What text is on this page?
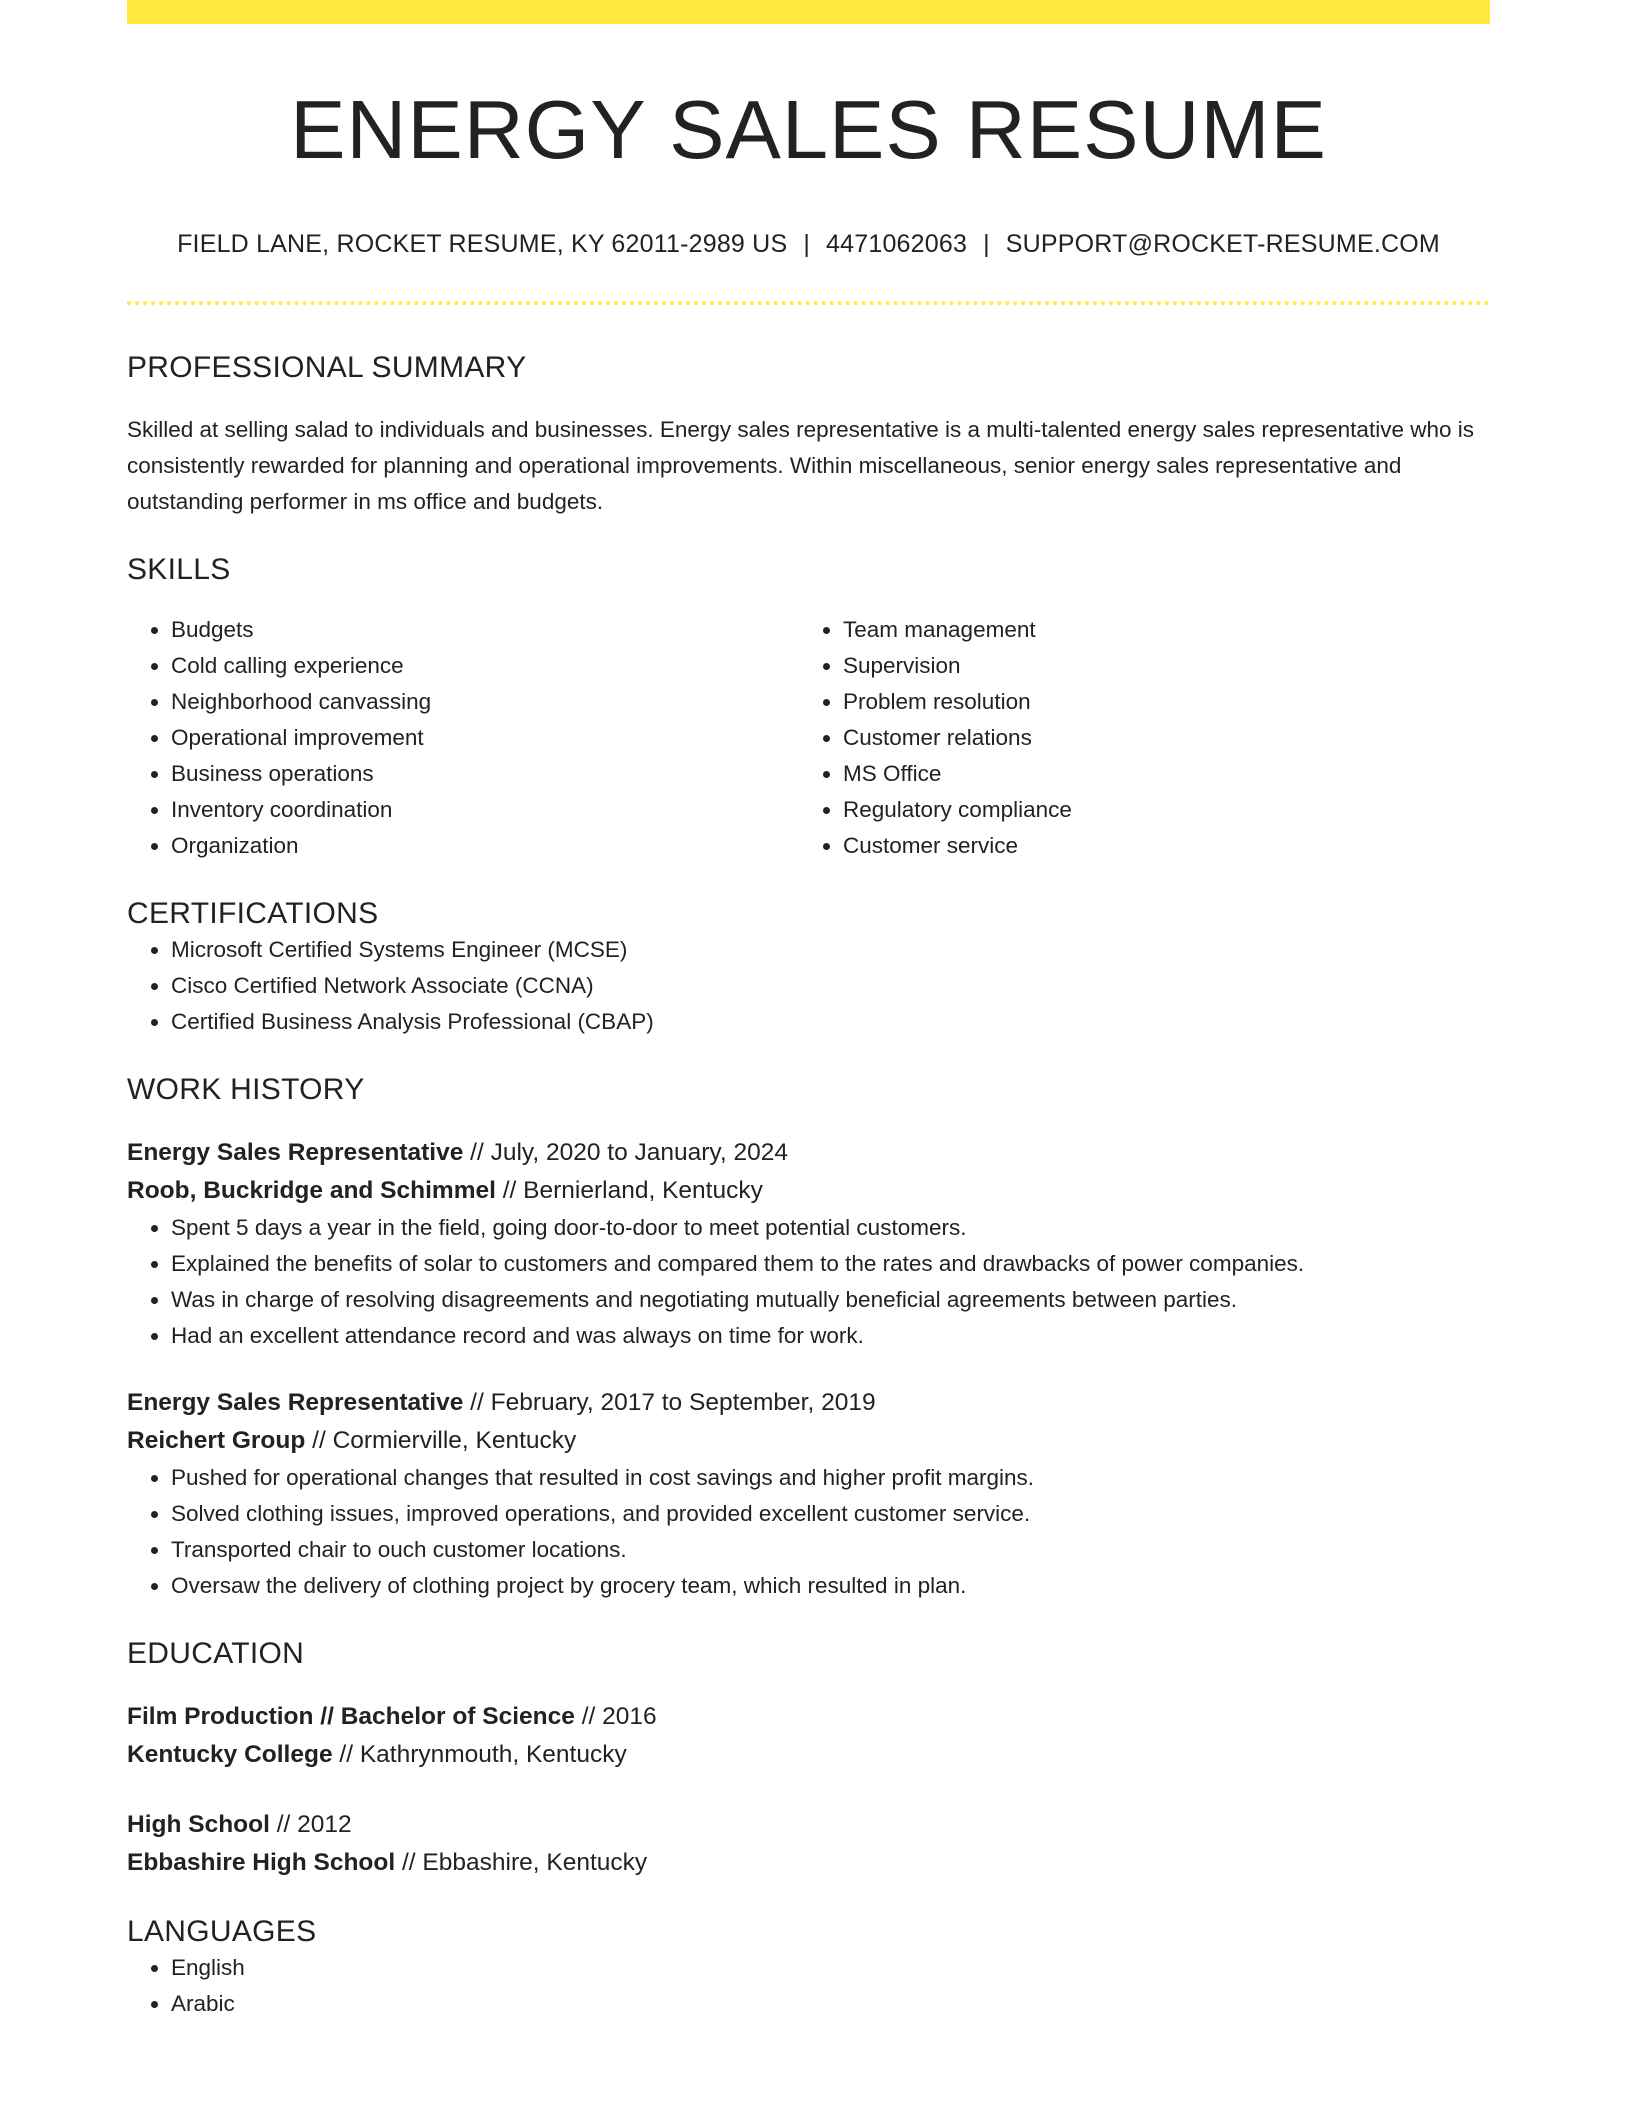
ENERGY SALES RESUME
FIELD LANE, ROCKET RESUME, KY 62011-2989 US | 4471062063 | SUPPORT@ROCKET-RESUME.COM
PROFESSIONAL SUMMARY
Skilled at selling salad to individuals and businesses. Energy sales representative is a multi-talented energy sales representative who is consistently rewarded for planning and operational improvements. Within miscellaneous, senior energy sales representative and outstanding performer in ms office and budgets.
SKILLS
• Budgets
• Cold calling experience
• Neighborhood canvassing
• Operational improvement
• Business operations
• Inventory coordination
• Organization
• Team management
• Supervision
• Problem resolution
• Customer relations
• MS Office
• Regulatory compliance
• Customer service
CERTIFICATIONS
• Microsoft Certified Systems Engineer (MCSE)
• Cisco Certified Network Associate (CCNA)
• Certified Business Analysis Professional (CBAP)
WORK HISTORY
Energy Sales Representative // July, 2020 to January, 2024
Roob, Buckridge and Schimmel // Bernierland, Kentucky
• Spent 5 days a year in the field, going door-to-door to meet potential customers.
• Explained the benefits of solar to customers and compared them to the rates and drawbacks of power companies.
• Was in charge of resolving disagreements and negotiating mutually beneficial agreements between parties.
• Had an excellent attendance record and was always on time for work.
Energy Sales Representative // February, 2017 to September, 2019
Reichert Group // Cormierville, Kentucky
• Pushed for operational changes that resulted in cost savings and higher profit margins.
• Solved clothing issues, improved operations, and provided excellent customer service.
• Transported chair to ouch customer locations.
• Oversaw the delivery of clothing project by grocery team, which resulted in plan.
EDUCATION
Film Production // Bachelor of Science // 2016
Kentucky College // Kathrynmouth, Kentucky
High School // 2012
Ebbashire High School // Ebbashire, Kentucky
LANGUAGES
• English
• Arabic
